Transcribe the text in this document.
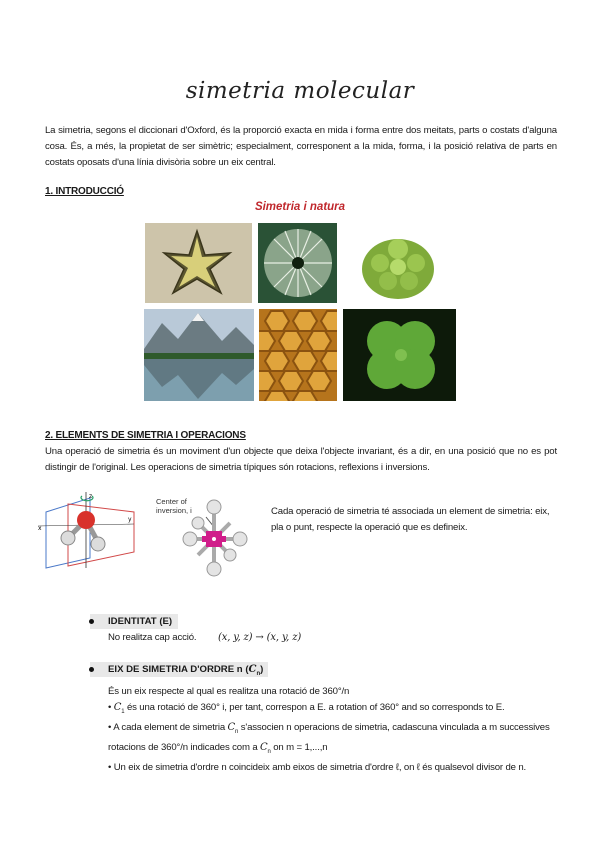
simetria molecular
La simetria, segons el diccionari d'Oxford, és la proporció exacta en mida i forma entre dos meitats, parts o costats d'alguna cosa. És, a més, la propietat de ser simètric; especialment, corresponent a la mida, forma, i la posició relativa de parts en costats oposats d'una línia divisòria sobre un eix central.
1. INTRODUCCIÓ
Simetria i natura
2. ELEMENTS DE SIMETRIA I OPERACIONS
Una operació de simetria és un moviment d'un objecte que deixa l'objecte invariant, és a dir, en una posició que no es pot distingir de l'original. Les operacions de simetria típiques són rotacions, reflexions i inversions.
x
y
z
Center of
inversion, i	Cada operació de simetria té associada un element de simetria: eix, pla o punt, respecte la operació que es defineix.
IDENTITAT (E)
No realitza cap acció. (x, y, z) → (x, y, z)
EIX DE SIMETRIA D'ORDRE n $(C_n)$
És un eix respecte al qual es realitza una rotació de 360°/n
• $C_1$ és una rotació de 360° i, per tant, correspon a E. a rotation of 360° and so corresponds to E.
• A cada element de simetria $C_n$ s'associen n operacions de simetria, cadascuna vinculada a m successives
rotacions de 360°/n indicades com a $C_n$ on m = 1,...,n
• Un eix de simetria d'ordre n coincideix amb eixos de simetria d'ordre ℓ, on ℓ és qualsevol divisor de n.
